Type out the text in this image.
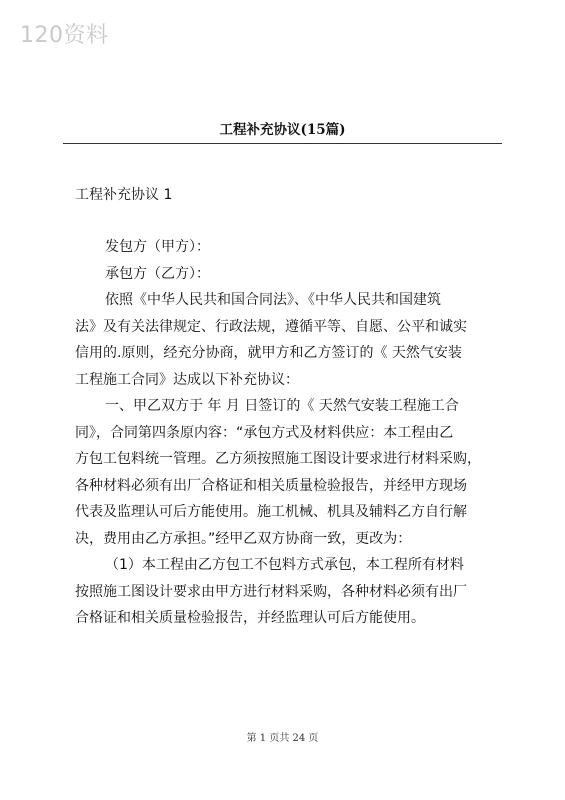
120资料
工程补充协议(15篇)
工程补充协议 1
发包方（甲方）：
承包方（乙方）：
依照《中华人民共和国合同法》、《中华人民共和国建筑
法》及有关法律规定、行政法规，遵循平等、自愿、公平和诚实
信用的.原则，经充分协商，就甲方和乙方签订的《 天然气安装
工程施工合同》达成以下补充协议：
一、甲乙双方于 年 月 日签订的《 天然气安装工程施工合
同》，合同第四条原内容：“承包方式及材料供应：本工程由乙
方包工包料统一管理。乙方须按照施工图设计要求进行材料采购，
各种材料必须有出厂合格证和相关质量检验报告，并经甲方现场
代表及监理认可后方能使用。施工机械、机具及辅料乙方自行解
决，费用由乙方承担。”经甲乙双方协商一致，更改为：
（1）本工程由乙方包工不包料方式承包，本工程所有材料
按照施工图设计要求由甲方进行材料采购，各种材料必须有出厂
合格证和相关质量检验报告，并经监理认可后方能使用。
第 1 页共 24 页
